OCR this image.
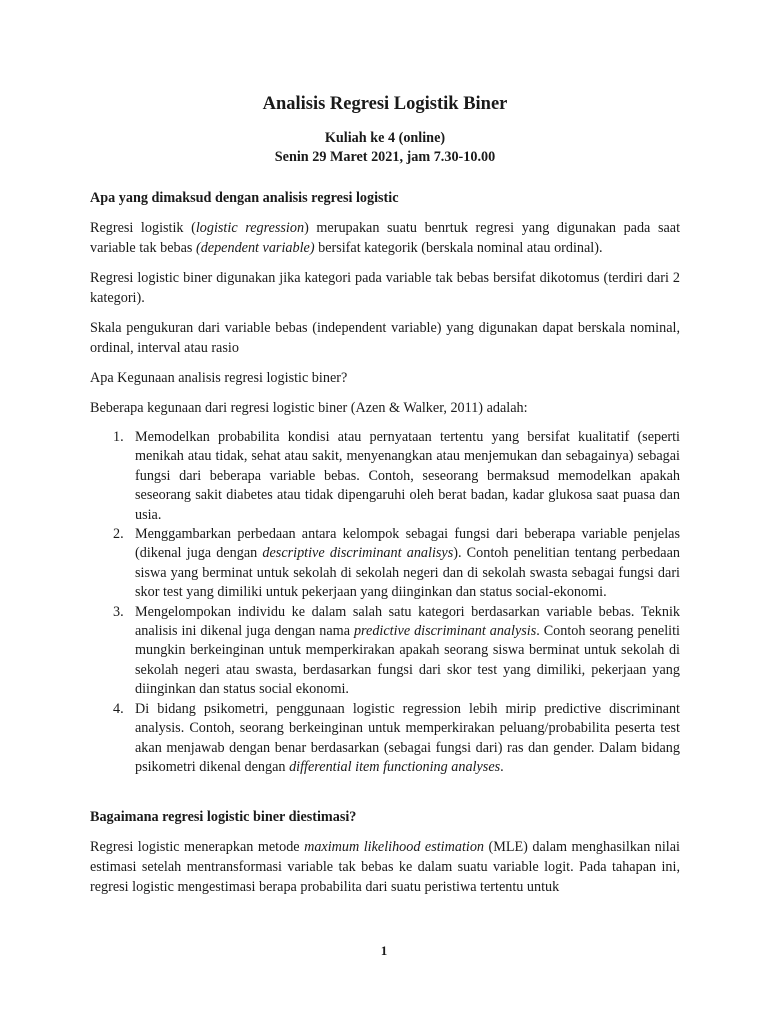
Analisis Regresi Logistik Biner
Kuliah ke 4 (online)
Senin 29 Maret 2021, jam 7.30-10.00
Apa yang dimaksud dengan analisis regresi logistic

Regresi logistik (logistic regression) merupakan suatu benrtuk regresi yang digunakan pada saat variable tak bebas (dependent variable) bersifat kategorik (berskala nominal atau ordinal).

Regresi logistic biner digunakan jika kategori pada variable tak bebas bersifat dikotomus (terdiri dari 2 kategori).

Skala pengukuran dari variable bebas (independent variable) yang digunakan dapat berskala nominal, ordinal, interval atau rasio

Apa Kegunaan analisis regresi logistic biner?

Beberapa kegunaan dari regresi logistic biner (Azen & Walker, 2011) adalah:

1. Memodelkan probabilita kondisi atau pernyataan tertentu yang bersifat kualitatif (seperti menikah atau tidak, sehat atau sakit, menyenangkan atau menjemukan dan sebagainya) sebagai fungsi dari beberapa variable bebas. Contoh, seseorang bermaksud memodelkan apakah seseorang sakit diabetes atau tidak dipengaruhi oleh berat badan, kadar glukosa saat puasa dan usia.
2. Menggambarkan perbedaan antara kelompok sebagai fungsi dari beberapa variable penjelas (dikenal juga dengan descriptive discriminant analisys). Contoh penelitian tentang perbedaan siswa yang berminat untuk sekolah di sekolah negeri dan di sekolah swasta sebagai fungsi dari skor test yang dimiliki untuk pekerjaan yang diinginkan dan status social-ekonomi.
3. Mengelompokan individu ke dalam salah satu kategori berdasarkan variable bebas. Teknik analisis ini dikenal juga dengan nama predictive discriminant analysis. Contoh seorang peneliti mungkin berkeinginan untuk memperkirakan apakah seorang siswa berminat untuk sekolah di sekolah negeri atau swasta, berdasarkan fungsi dari skor test yang dimiliki, pekerjaan yang diinginkan dan status social ekonomi.
4. Di bidang psikometri, penggunaan logistic regression lebih mirip predictive discriminant analysis. Contoh, seorang berkeinginan untuk memperkirakan peluang/probabilita peserta test akan menjawab dengan benar berdasarkan (sebagai fungsi dari) ras dan gender. Dalam bidang psikometri dikenal dengan differential item functioning analyses.
Bagaimana regresi logistic biner diestimasi?

Regresi logistic menerapkan metode maximum likelihood estimation (MLE) dalam menghasilkan nilai estimasi setelah mentransformasi variable tak bebas ke dalam suatu variable logit. Pada tahapan ini, regresi logistic mengestimasi berapa probabilita dari suatu peristiwa tertentu untuk

1
